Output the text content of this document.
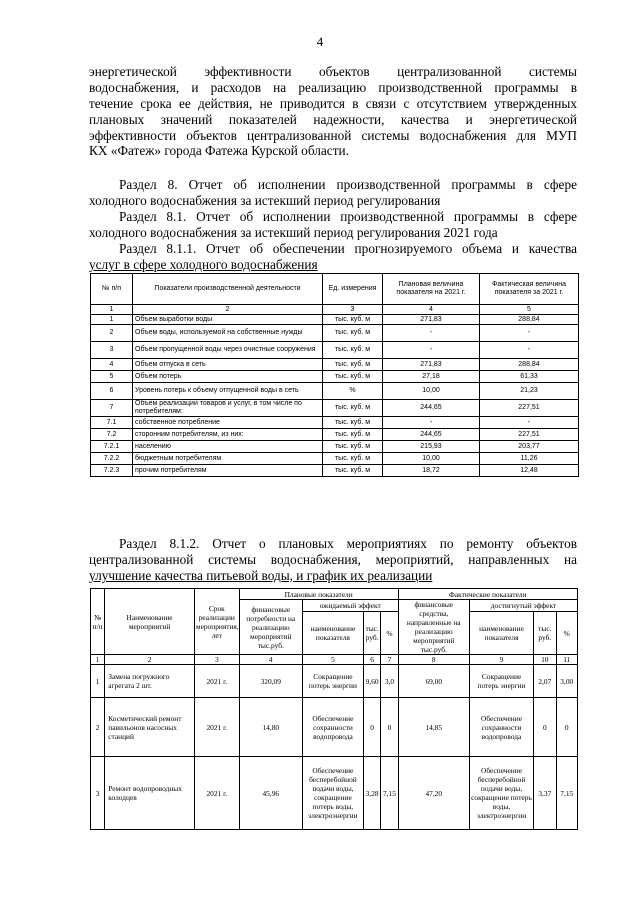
4
энергетической эффективности объектов централизованной системы
водоснабжения, и расходов на реализацию производственной программы в
течение срока ее действия, не приводится в связи с отсутствием утвержденных
плановых значений показателей надежности, качества и энергетической
эффективности объектов централизованной системы водоснабжения для МУП
КХ «Фатеж» города Фатежа Курской области.
Раздел 8. Отчет об исполнении производственной программы в сфере
холодного водоснабжения за истекший период регулирования
Раздел 8.1. Отчет об исполнении производственной программы в сфере
холодного водоснабжения за истекший период регулирования 2021 года
Раздел 8.1.1. Отчет об обеспечении прогнозируемого объема и качества
услуг в сфере холодного водоснабжения
№ п/п	Показатели производственной деятельности	Ед. измерения	Плановая величина показателя на 2021 г.	Фактическая величина показателя за 2021 г.
1	2	3	4	5
1	Объем выработки воды	тыс. куб. м	271,83	288,84
2	Объем воды, используемой на собственные нужды	тыс. куб. м	-	-
3	Объем пропущенной воды через очистные сооружения	тыс. куб. м	-	-
4	Объем отпуска в сеть	тыс. куб. м	271,83	288,84
5	Объем потерь	тыс. куб. м	27,18	61,33
6	Уровень потерь к объему отпущенной воды в сеть	%	10,00	21,23
7	Объем реализации товаров и услуг, в том числе по потребителям:	тыс. куб. м	244,65	227,51
7.1	собственное потребление	тыс. куб. м	-	-
7.2	сторонним потребителям, из них:	тыс. куб. м	244,65	227,51
7.2.1	населению	тыс. куб. м	215,93	203,77
7.2.2	бюджетным потребителям	тыс. куб. м	10,00	11,26
7.2.3	прочим потребителям	тыс. куб. м	18,72	12,48
Раздел 8.1.2. Отчет о плановых мероприятиях по ремонту объектов
централизованной системы водоснабжения, мероприятий, направленных на
улучшение качества питьевой воды, и график их реализации
№ п/п	Наименование мероприятий	Срок реализации мероприятия, лет	Плановые показатели				Фактические показатели			
			финансовые потребности на реализацию мероприятий тыс.руб.	ожидаемый эффект			финансовые средства, направленные на реализацию мероприятий тыс.руб.	достигнутый эффект		
				наименование показателя	тыс. руб.	%		наименование показателя	тыс. руб.	%
1	2	3	4	5	6	7	8	9	10	11
1	Замена погружного агрегата 2 шт.	2021 г.	320,09	Сокращение потерь энергии	9,60	3,0	69,00	Сокращение потерь энергии	2,07	3,00
2	Косметический ремонт павильонов насосных станций	2021 г.	14,80	Обеспечение сохранности водопровода	0	0	14,85	Обеспечение сохранности водопровода	0	0
3	Ремонт водопроводных колодцев	2021 г.	45,96	Обеспечение бесперебойной подачи воды, сокращение потерь воды, электроэнергии	3,28	7,15	47,20	Обеспечение бесперебойной подачи воды, сокращение потерь воды, электроэнергии	3,37	7,15
